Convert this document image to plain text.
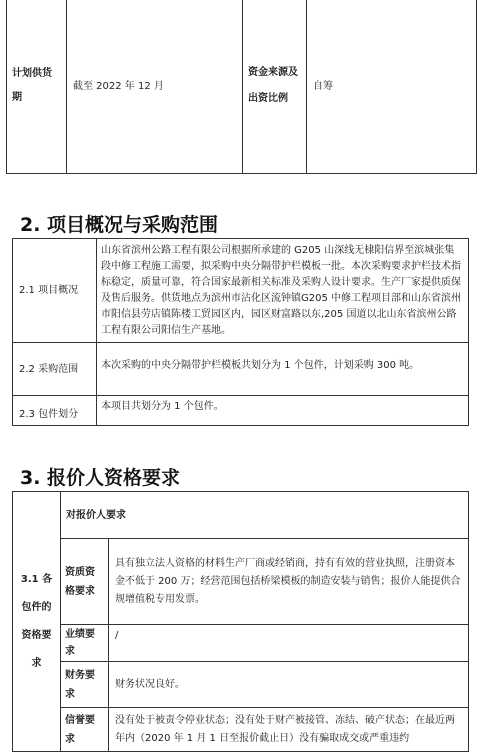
计划供货期	截至 2022 年 12 月	资金来源及出资比例	自筹
2. 项目概况与采购范围
2.1 项目概况	山东省滨州公路工程有限公司根据所承建的 G205 山深线无棣阳信界至滨城张集段中修工程施工需要，拟采购中央分隔带护栏模板一批。本次采购要求护栏技术指标稳定，质量可靠，符合国家最新相关标准及采购人设计要求。生产厂家提供质保及售后服务。供货地点为滨州市沾化区流钟镇G205 中修工程项目部和山东省滨州市阳信县劳店镇陈楼工贸园区内，园区财富路以东,205 国道以北山东省滨州公路工程有限公司阳信生产基地。
2.2 采购范围	本次采购的中央分隔带护栏模板共划分为 1 个包件，计划采购 300 吨。
2.3 包件划分	本项目共划分为 1 个包件。
3. 报价人资格要求
3.1 各包件的资格要求	对报价人要求	
	资质资格要求	具有独立法人资格的材料生产厂商或经销商，持有有效的营业执照，注册资本金不低于 200 万；经营范围包括桥梁模板的制造安装与销售；报价人能提供合规增值税专用发票。
	业绩要求	/
	财务要求	财务状况良好。
	信誉要求	没有处于被责令停业状态；没有处于财产被接管、冻结、破产状态；在最近两年内（2020 年 1 月 1 日至报价截止日）没有骗取成交或严重违约
